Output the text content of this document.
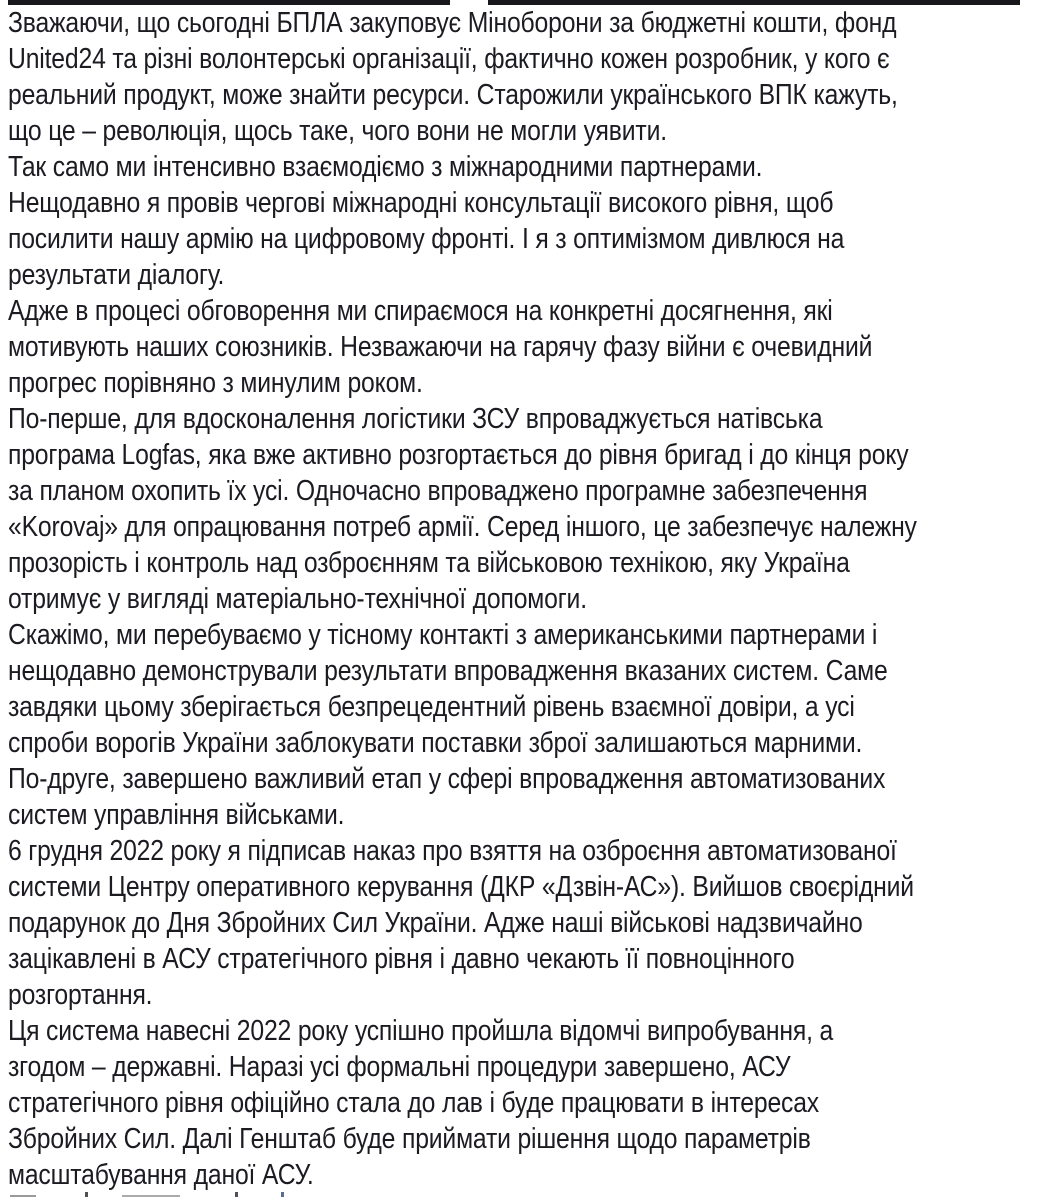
Зважаючи, що сьогодні БПЛА закуповує Міноборони за бюджетні кошти, фонд
United24 та різні волонтерські організації, фактично кожен розробник, у кого є
реальний продукт, може знайти ресурси. Старожили українського ВПК кажуть,
що це – революція, щось таке, чого вони не могли уявити.

Так само ми інтенсивно взаємодіємо з міжнародними партнерами.

Нещодавно я провів чергові міжнародні консультації високого рівня, щоб
посилити нашу армію на цифровому фронті. І я з оптимізмом дивлюся на
результати діалогу.

Адже в процесі обговорення ми спираємося на конкретні досягнення, які
мотивують наших союзників. Незважаючи на гарячу фазу війни є очевидний
прогрес порівняно з минулим роком.

По-перше, для вдосконалення логістики ЗСУ впроваджується натівська
програма Logfas, яка вже активно розгортається до рівня бригад і до кінця року
за планом охопить їх усі. Одночасно впроваджено програмне забезпечення
«Korovaj» для опрацювання потреб армії. Серед іншого, це забезпечує належну
прозорість і контроль над озброєнням та військовою технікою, яку Україна
отримує у вигляді матеріально-технічної допомоги.

Скажімо, ми перебуваємо у тісному контакті з американськими партнерами і
нещодавно демонстрували результати впровадження вказаних систем. Саме
завдяки цьому зберігається безпрецедентний рівень взаємної довіри, а усі
спроби ворогів України заблокувати поставки зброї залишаються марними.

По-друге, завершено важливий етап у сфері впровадження автоматизованих
систем управління військами.

6 грудня 2022 року я підписав наказ про взяття на озброєння автоматизованої
системи Центру оперативного керування (ДКР «Дзвін-АС»). Вийшов своєрідний
подарунок до Дня Збройних Сил України. Адже наші військові надзвичайно
зацікавлені в АСУ стратегічного рівня і давно чекають її повноцінного
розгортання.

Ця система навесні 2022 року успішно пройшла відомчі випробування, а
згодом – державні. Наразі усі формальні процедури завершено, АСУ
стратегічного рівня офіційно стала до лав і буде працювати в інтересах
Збройних Сил. Далі Генштаб буде приймати рішення щодо параметрів
масштабування даної АСУ.
